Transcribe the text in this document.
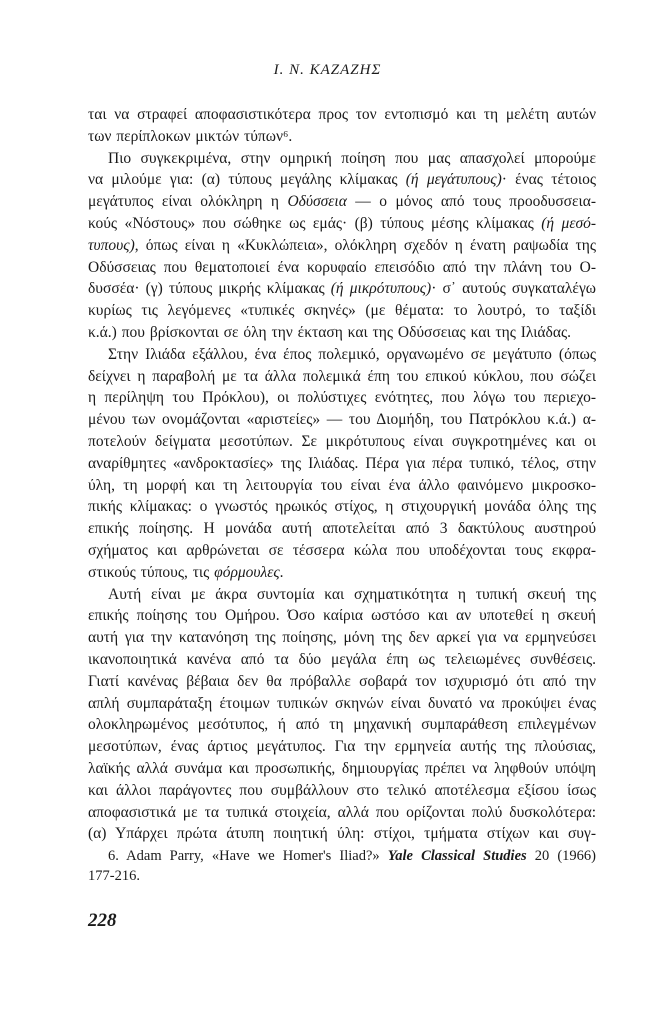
Ι. Ν. ΚΑΖΑΖΗΣ
ται να στραφεί αποφασιστικότερα προς τον εντοπισμό και τη μελέτη αυτών
των περίπλοκων μικτών τύπων⁶.
Πιο συγκεκριμένα, στην ομηρική ποίηση που μας απασχολεί μπορούμε
να μιλούμε για: (α) τύπους μεγάλης κλίμακας (ή μεγάτυπους)· ένας τέτοιος
μεγάτυπος είναι ολόκληρη η Οδύσσεια — ο μόνος από τους προοδυσσεια-
κούς «Νόστους» που σώθηκε ως εμάς· (β) τύπους μέσης κλίμακας (ή μεσό-
τυπους), όπως είναι η «Κυκλώπεια», ολόκληρη σχεδόν η ένατη ραψωδία της
Οδύσσειας που θεματοποιεί ένα κορυφαίο επεισόδιο από την πλάνη του Ο-
δυσσέα· (γ) τύπους μικρής κλίμακας (ή μικρότυπους)· σ᾽ αυτούς συγκαταλέγω
κυρίως τις λεγόμενες «τυπικές σκηνές» (με θέματα: το λουτρό, το ταξίδι
κ.ά.) που βρίσκονται σε όλη την έκταση και της Οδύσσειας και της Ιλιάδας.
Στην Ιλιάδα εξάλλου, ένα έπος πολεμικό, οργανωμένο σε μεγάτυπο (όπως
δείχνει η παραβολή με τα άλλα πολεμικά έπη του επικού κύκλου, που σώζει
η περίληψη του Πρόκλου), οι πολύστιχες ενότητες, που λόγω του περιεχο-
μένου των ονομάζονται «αριστείες» — του Διομήδη, του Πατρόκλου κ.ά.) α-
ποτελούν δείγματα μεσοτύπων. Σε μικρότυπους είναι συγκροτημένες και οι
αναρίθμητες «ανδροκτασίες» της Ιλιάδας. Πέρα για πέρα τυπικό, τέλος, στην
ύλη, τη μορφή και τη λειτουργία του είναι ένα άλλο φαινόμενο μικροσκο-
πικής κλίμακας: ο γνωστός ηρωικός στίχος, η στιχουργική μονάδα όλης της
επικής ποίησης. Η μονάδα αυτή αποτελείται από 3 δακτύλους αυστηρού
σχήματος και αρθρώνεται σε τέσσερα κώλα που υποδέχονται τους εκφρα-
στικούς τύπους, τις φόρμουλες.
Αυτή είναι με άκρα συντομία και σχηματικότητα η τυπική σκευή της
επικής ποίησης του Ομήρου. Όσο καίρια ωστόσο και αν υποτεθεί η σκευή
αυτή για την κατανόηση της ποίησης, μόνη της δεν αρκεί για να ερμηνεύσει
ικανοποιητικά κανένα από τα δύο μεγάλα έπη ως τελειωμένες συνθέσεις.
Γιατί κανένας βέβαια δεν θα πρόβαλλε σοβαρά τον ισχυρισμό ότι από την
απλή συμπαράταξη έτοιμων τυπικών σκηνών είναι δυνατό να προκύψει ένας
ολοκληρωμένος μεσότυπος, ή από τη μηχανική συμπαράθεση επιλεγμένων
μεσοτύπων, ένας άρτιος μεγάτυπος. Για την ερμηνεία αυτής της πλούσιας,
λαϊκής αλλά συνάμα και προσωπικής, δημιουργίας πρέπει να ληφθούν υπόψη
και άλλοι παράγοντες που συμβάλλουν στο τελικό αποτέλεσμα εξίσου ίσως
αποφασιστικά με τα τυπικά στοιχεία, αλλά που ορίζονται πολύ δυσκολότερα:
(α) Υπάρχει πρώτα άτυπη ποιητική ύλη: στίχοι, τμήματα στίχων και συγ-
6. Adam Parry, «Have we Homer's Iliad?» Yale Classical Studies 20 (1966)
177-216.
228
